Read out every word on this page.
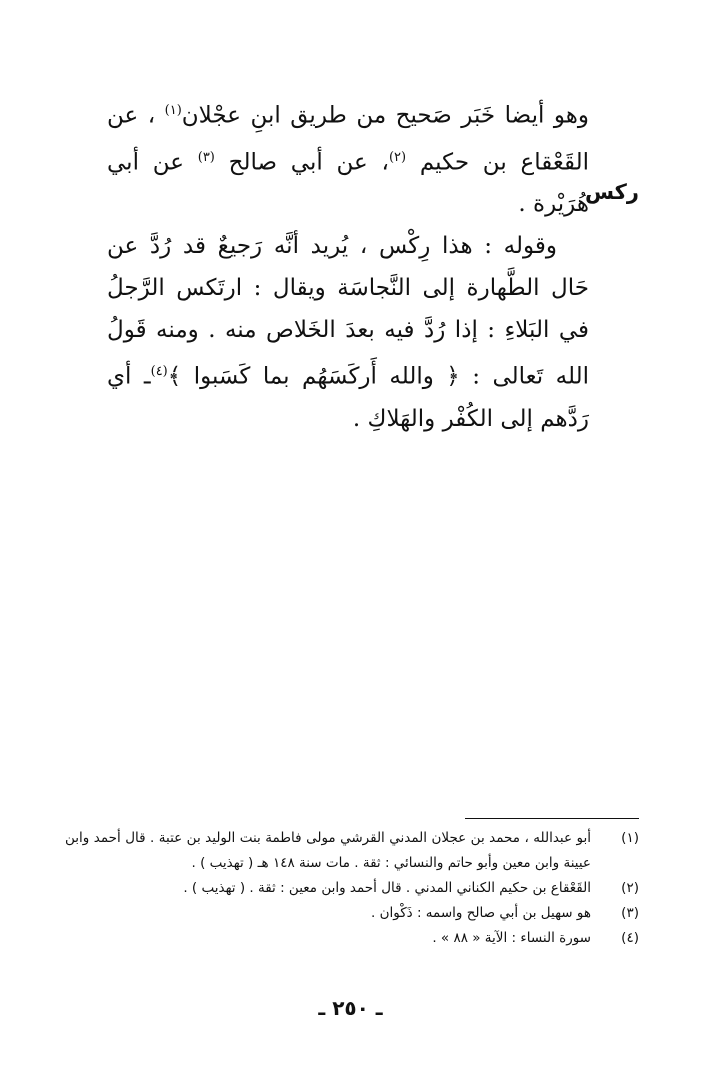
ركس

وهو أيضا خَبَر صَحيح من طريق ابنِ عجْلان$^{(١)}$ ، عن القَعْقاع بن حكيم $^{(٢)}$، عن أبي صالح $^{(٣)}$ عن أبي هُرَيْرة .

وقوله : هذا رِكْس ، يُريد أنَّه رَجيعٌ قد رُدَّ عن حَال الطَّهارة إلى النَّجاسَة ويقال : ارتَكس الرَّجلُ في البَلاءِ : إذا رُدَّ فيه بعدَ الخَلاص منه . ومنه قَولُ الله تَعالى : ﴿ والله أَركَسَهُم بما كَسَبوا ﴾$^{(٤)}$ـ أي رَدَّهم إلى الكُفْر والهَلاكِ .

(١)
أبو عبدالله ، محمد بن عجلان المدني القرشي مولى فاطمة بنت الوليد بن عتبة . قال أحمد وابن عيينة وابن معين وأبو حاتم والنسائي : ثقة . مات سنة ١٤٨ هـ ( تهذيب ) .
(٢)
القَعْقاع بن حكيم الكناني المدني . قال أحمد وابن معين : ثقة . ( تهذيب ) .
(٣)
هو سهيل بن أبي صالح واسمه : ذَكْوان .
(٤)
سورة النساء : الآية « ٨٨ » .
ـ ٢٥٠ ـ
